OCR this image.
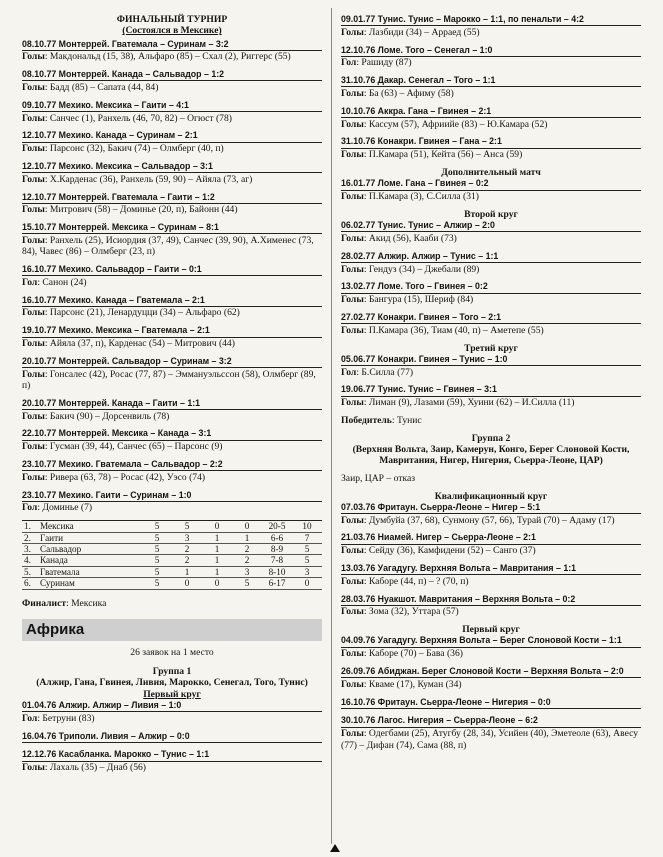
ФИНАЛЬНЫЙ ТУРНИР
(Состоялся в Мексике)
08.10.77 Монтеррей. Гватемала – Суринам – 3:2
Голы: Макдональд (15, 38), Альфаро (85) – Схал (2), Риггерс (55)
08.10.77 Монтеррей. Канада – Сальвадор – 1:2
Голы: Бадд (85) – Сапата (44, 84)
09.10.77 Мехико. Мексика – Гаити – 4:1
Голы: Санчес (1), Ранхель (46, 70, 82) – Огюст (78)
12.10.77 Мехико. Канада – Суринам – 2:1
Голы: Парсонс (32), Бакич (74) – Олмберг (40, п)
12.10.77 Мехико. Мексика – Сальвадор – 3:1
Голы: Х.Карденас (36), Ранхель (59, 90) – Айяла (73, аг)
12.10.77 Монтеррей. Гватемала – Гаити – 1:2
Голы: Митрович (58) – Доминье (20, п), Байонн (44)
15.10.77 Монтеррей. Мексика – Суринам – 8:1
Голы: Ранхель (25), Исиордия (37, 49), Санчес (39, 90), А.Хименес (73, 84), Чавес (86) – Олмберг (23, п)
16.10.77 Мехико. Сальвадор – Гаити – 0:1
Гол: Санон (24)
16.10.77 Мехико. Канада – Гватемала – 2:1
Голы: Парсонс (21), Ленардуцци (34) – Альфаро (62)
19.10.77 Мехико. Мексика – Гватемала – 2:1
Голы: Айяла (37, п), Карденас (54) – Митрович (44)
20.10.77 Монтеррей. Сальвадор – Суринам – 3:2
Голы: Гонсалес (42), Росас (77, 87) – Эммануэльссон (58), Олмберг (89, п)
20.10.77 Монтеррей. Канада – Гаити – 1:1
Голы: Бакич (90) – Дорсенвиль (78)
22.10.77 Монтеррей. Мексика – Канада – 3:1
Голы: Гусман (39, 44), Санчес (65) – Парсонс (9)
23.10.77 Мехико. Гватемала – Сальвадор – 2:2
Голы: Ривера (63, 78) – Росас (42), Уэсо (74)
23.10.77 Мехико. Гаити – Суринам – 1:0
Гол: Доминье (7)
1.	Мексика	5	5	0	0	20-5	10
2.	Гаити	5	3	1	1	6-6	7
3.	Сальвадор	5	2	1	2	8-9	5
4.	Канада	5	2	1	2	7-8	5
5.	Гватемала	5	1	1	3	8-10	3
6.	Суринам	5	0	0	5	6-17	0
Финалист: Мексика
Африка
26 заявок на 1 место
Группа 1
(Алжир, Гана, Гвинея, Ливия, Марокко, Сенегал, Того, Тунис)
Первый круг
01.04.76 Алжир. Алжир – Ливия – 1:0
Гол: Бетруни (83)
16.04.76 Триполи. Ливия – Алжир – 0:0
12.12.76 Касабланка. Марокко – Тунис – 1:1
Голы: Лахаль (35) – Днаб (56)
09.01.77 Тунис. Тунис – Марокко – 1:1, по пенальти – 4:2
Голы: Лазбиди (34) – Арраед (55)
12.10.76 Ломе. Того – Сенегал – 1:0
Гол: Рашиду (87)
31.10.76 Дакар. Сенегал – Того – 1:1
Голы: Ба (63) – Афиму (58)
10.10.76 Аккра. Гана – Гвинея – 2:1
Голы: Кассум (57), Африийе (83) – Ю.Камара (52)
31.10.76 Конакри. Гвинея – Гана – 2:1
Голы: П.Камара (51), Кейта (56) – Анса (59)
Дополнительный матч
16.01.77 Ломе. Гана – Гвинея – 0:2
Голы: П.Камара (3), С.Силла (31)
Второй круг
06.02.77 Тунис. Тунис – Алжир – 2:0
Голы: Акид (56), Кааби (73)
28.02.77 Алжир. Алжир – Тунис – 1:1
Голы: Гендуз (34) – Джебали (89)
13.02.77 Ломе. Того – Гвинея – 0:2
Голы: Бангура (15), Шериф (84)
27.02.77 Конакри. Гвинея – Того – 2:1
Голы: П.Камара (36), Тиам (40, п) – Аметепе (55)
Третий круг
05.06.77 Конакри. Гвинея – Тунис – 1:0
Гол: Б.Силла (77)
19.06.77 Тунис. Тунис – Гвинея – 3:1
Голы: Лиман (9), Лазами (59), Хуини (62) – И.Силла (11)
Победитель: Тунис
Группа 2
(Верхняя Вольта, Заир, Камерун, Конго, Берег Слоновой Кости, Мавритания, Нигер, Нигерия, Сьерра-Леоне, ЦАР)
Заир, ЦАР – отказ
Квалификационный круг
07.03.76 Фритаун. Сьерра-Леоне – Нигер – 5:1
Голы: Думбуйа (37, 68), Сунмону (57, 66), Турай (70) – Адаму (17)
21.03.76 Ниамей. Нигер – Сьерра-Леоне – 2:1
Голы: Сейду (36), Камфидени (52) – Санго (37)
13.03.76 Уагадугу. Верхняя Вольта – Мавритания – 1:1
Голы: Каборе (44, п) – ? (70, п)
28.03.76 Нуакшот. Мавритания – Верхняя Вольта – 0:2
Голы: Зома (32), Уттара (57)
Первый круг
04.09.76 Уагадугу. Верхняя Вольта – Берег Слоновой Кости – 1:1
Голы: Каборе (70) – Бава (36)
26.09.76 Абиджан. Берег Слоновой Кости – Верхняя Вольта – 2:0
Голы: Кваме (17), Куман (34)
16.10.76 Фритаун. Сьерра-Леоне – Нигерия – 0:0
30.10.76 Лагос. Нигерия – Сьерра-Леоне – 6:2
Голы: Одегбами (25), Атугбу (28, 34), Усийен (40), Эметеоле (63), Авесу (77) – Дифан (74), Сама (88, п)
